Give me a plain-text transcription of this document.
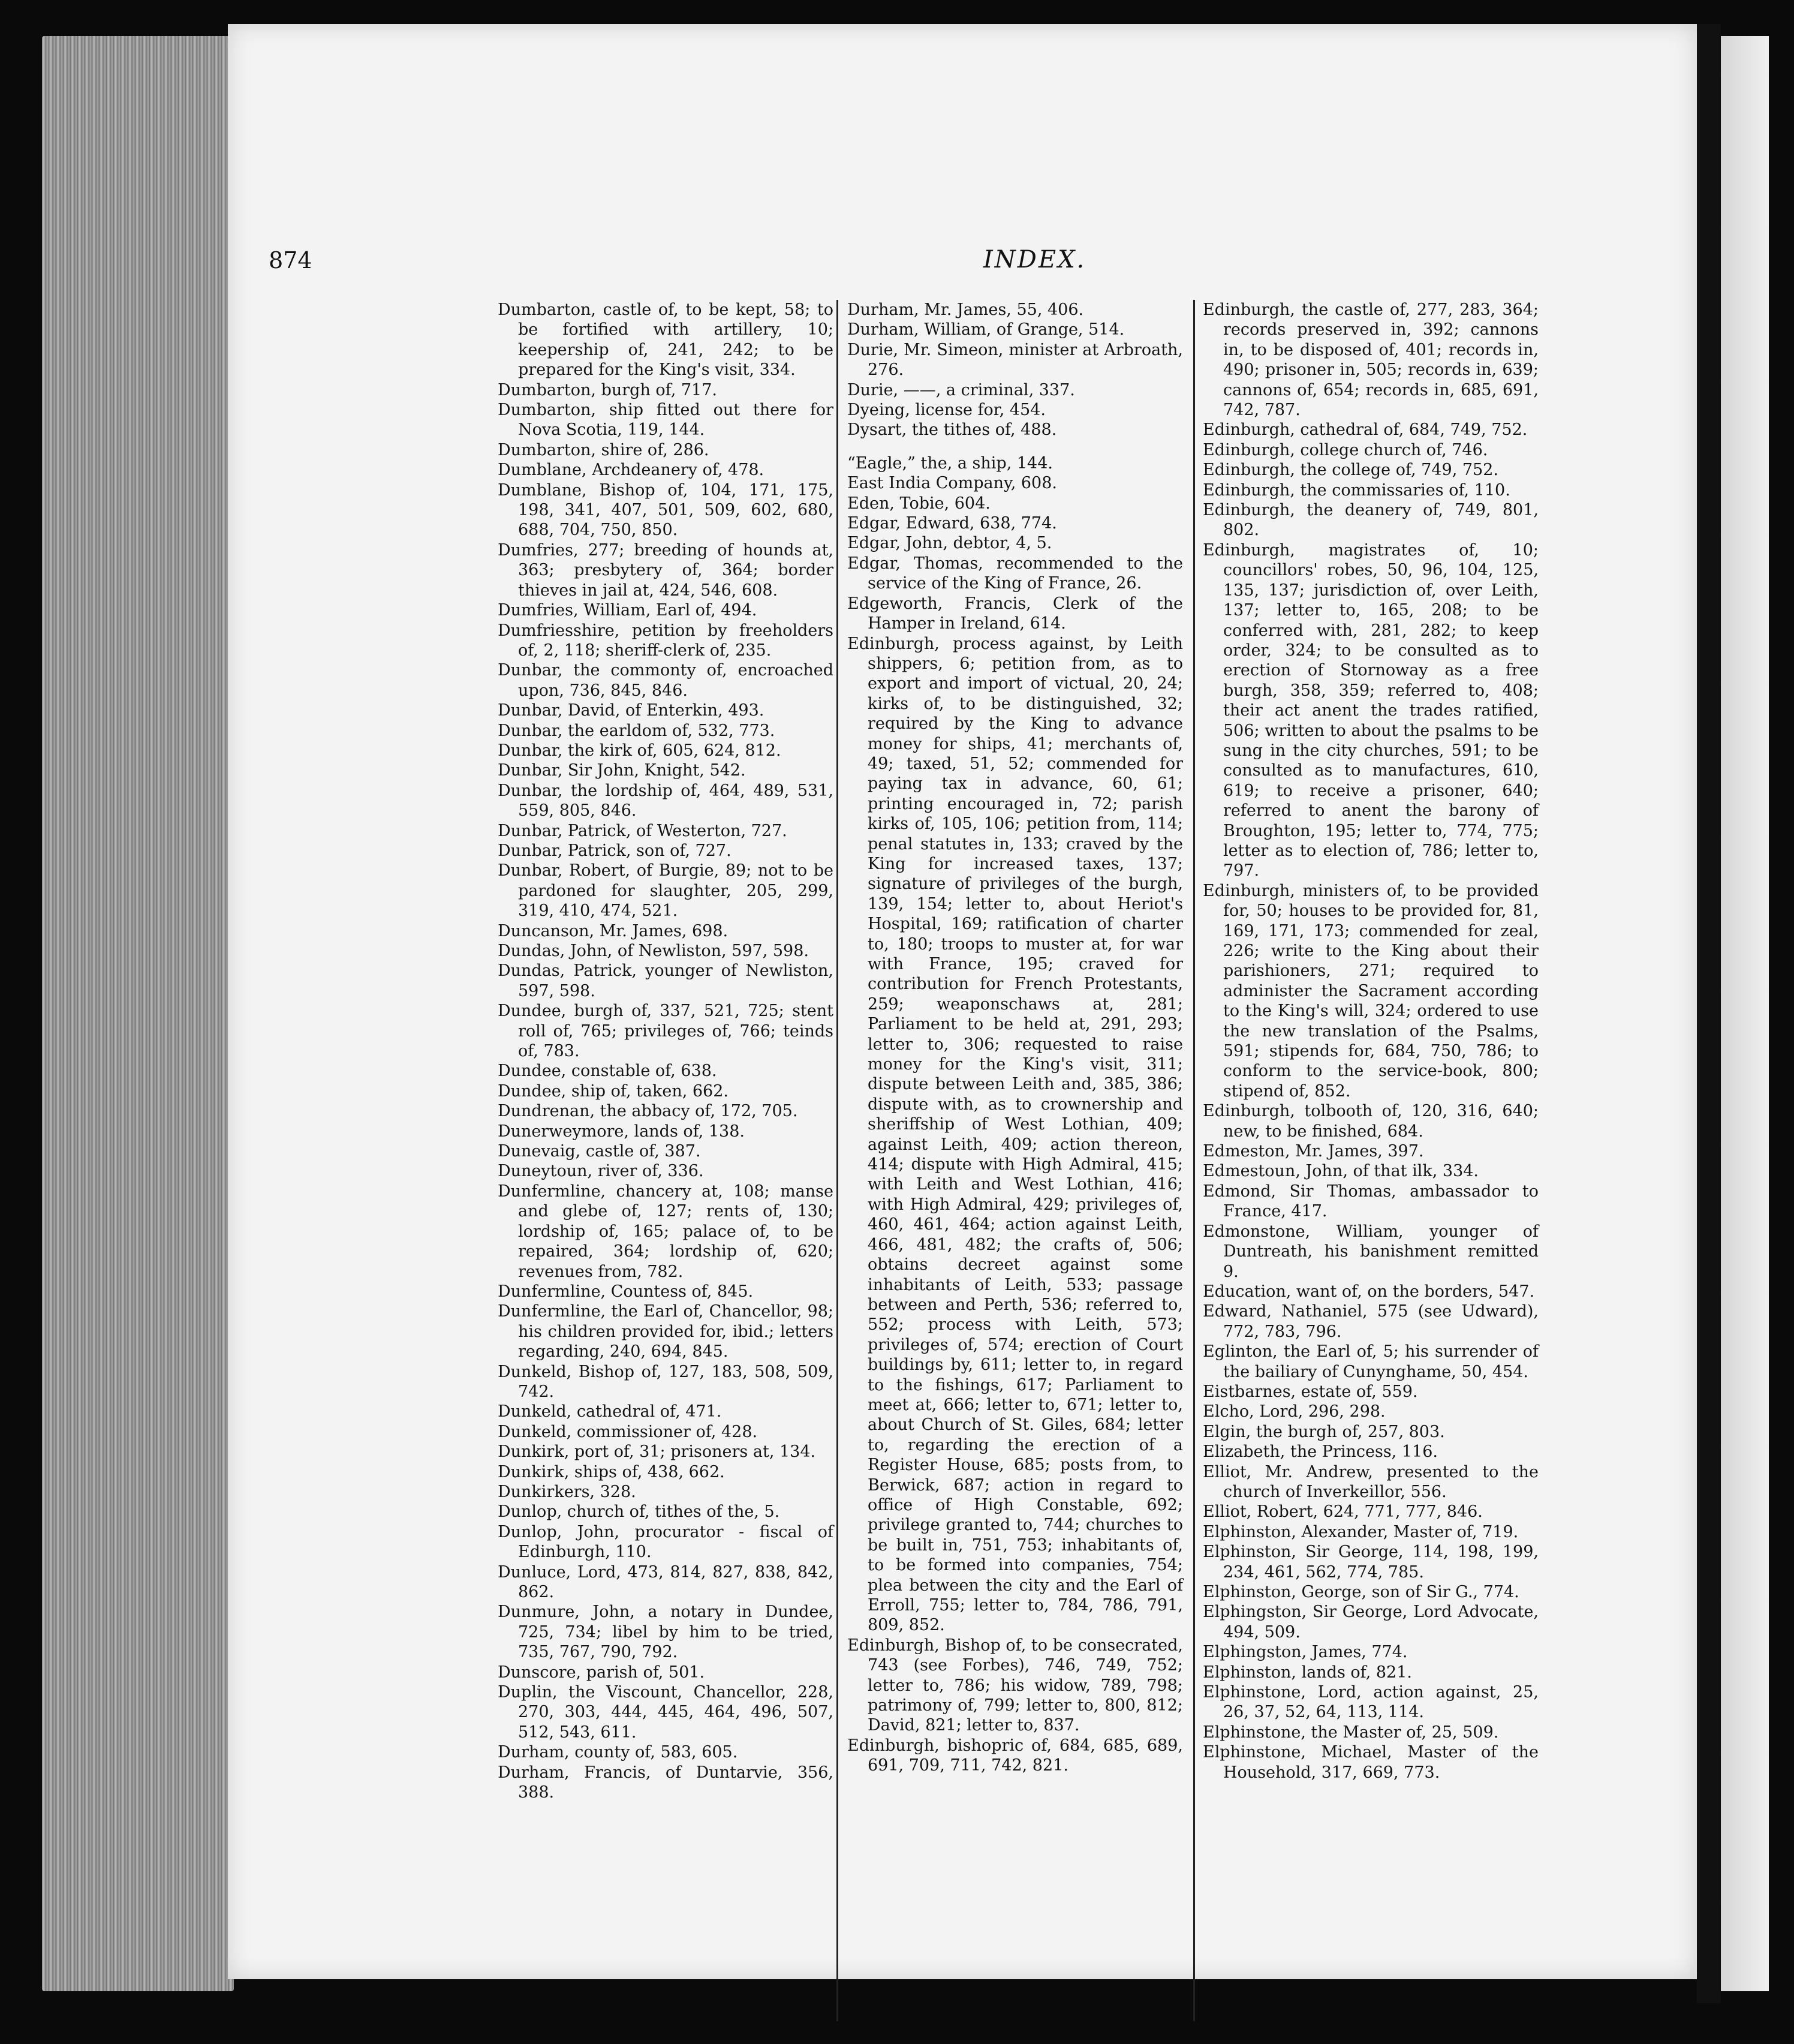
874	INDEX.
Dumbarton, castle of, to be kept, 58; to be fortified with artillery, 10; keepership of, 241, 242; to be prepared for the King's visit, 334.
Dumbarton, burgh of, 717.
Dumbarton, ship fitted out there for Nova Scotia, 119, 144.
Dumbarton, shire of, 286.
Dumblane, Archdeanery of, 478.
Dumblane, Bishop of, 104, 171, 175, 198, 341, 407, 501, 509, 602, 680, 688, 704, 750, 850.
Dumfries, 277; breeding of hounds at, 363; presbytery of, 364; border thieves in jail at, 424, 546, 608.
Dumfries, William, Earl of, 494.
Dumfriesshire, petition by freeholders of, 2, 118; sheriff-clerk of, 235.
Dunbar, the commonty of, encroached upon, 736, 845, 846.
Dunbar, David, of Enterkin, 493.
Dunbar, the earldom of, 532, 773.
Dunbar, the kirk of, 605, 624, 812.
Dunbar, Sir John, Knight, 542.
Dunbar, the lordship of, 464, 489, 531, 559, 805, 846.
Dunbar, Patrick, of Westerton, 727.
Dunbar, Patrick, son of, 727.
Dunbar, Robert, of Burgie, 89; not to be pardoned for slaughter, 205, 299, 319, 410, 474, 521.
Duncanson, Mr. James, 698.
Dundas, John, of Newliston, 597, 598.
Dundas, Patrick, younger of Newliston, 597, 598.
Dundee, burgh of, 337, 521, 725; stent roll of, 765; privileges of, 766; teinds of, 783.
Dundee, constable of, 638.
Dundee, ship of, taken, 662.
Dundrenan, the abbacy of, 172, 705.
Dunerweymore, lands of, 138.
Dunevaig, castle of, 387.
Duneytoun, river of, 336.
Dunfermline, chancery at, 108; manse and glebe of, 127; rents of, 130; lordship of, 165; palace of, to be repaired, 364; lordship of, 620; revenues from, 782.
Dunfermline, Countess of, 845.
Dunfermline, the Earl of, Chancellor, 98; his children provided for, ibid.; letters regarding, 240, 694, 845.
Dunkeld, Bishop of, 127, 183, 508, 509, 742.
Dunkeld, cathedral of, 471.
Dunkeld, commissioner of, 428.
Dunkirk, port of, 31; prisoners at, 134.
Dunkirk, ships of, 438, 662.
Dunkirkers, 328.
Dunlop, church of, tithes of the, 5.
Dunlop, John, procurator - fiscal of Edinburgh, 110.
Dunluce, Lord, 473, 814, 827, 838, 842, 862.
Dunmure, John, a notary in Dundee, 725, 734; libel by him to be tried, 735, 767, 790, 792.
Dunscore, parish of, 501.
Duplin, the Viscount, Chancellor, 228, 270, 303, 444, 445, 464, 496, 507, 512, 543, 611.
Durham, county of, 583, 605.
Durham, Francis, of Duntarvie, 356, 388.
Durham, Mr. James, 55, 406.
Durham, William, of Grange, 514.
Durie, Mr. Simeon, minister at Arbroath, 276.
Durie, ——, a criminal, 337.
Dyeing, license for, 454.
Dysart, the tithes of, 488.
“Eagle,” the, a ship, 144.
East India Company, 608.
Eden, Tobie, 604.
Edgar, Edward, 638, 774.
Edgar, John, debtor, 4, 5.
Edgar, Thomas, recommended to the service of the King of France, 26.
Edgeworth, Francis, Clerk of the Hamper in Ireland, 614.
Edinburgh, process against, by Leith shippers, 6; petition from, as to export and import of victual, 20, 24; kirks of, to be distinguished, 32; required by the King to advance money for ships, 41; merchants of, 49; taxed, 51, 52; commended for paying tax in advance, 60, 61; printing encouraged in, 72; parish kirks of, 105, 106; petition from, 114; penal statutes in, 133; craved by the King for increased taxes, 137; signature of privileges of the burgh, 139, 154; letter to, about Heriot's Hospital, 169; ratification of charter to, 180; troops to muster at, for war with France, 195; craved for contribution for French Protestants, 259; weaponschaws at, 281; Parliament to be held at, 291, 293; letter to, 306; requested to raise money for the King's visit, 311; dispute between Leith and, 385, 386; dispute with, as to crownership and sheriffship of West Lothian, 409; against Leith, 409; action thereon, 414; dispute with High Admiral, 415; with Leith and West Lothian, 416; with High Admiral, 429; privileges of, 460, 461, 464; action against Leith, 466, 481, 482; the crafts of, 506; obtains decreet against some inhabitants of Leith, 533; passage between and Perth, 536; referred to, 552; process with Leith, 573; privileges of, 574; erection of Court buildings by, 611; letter to, in regard to the fishings, 617; Parliament to meet at, 666; letter to, 671; letter to, about Church of St. Giles, 684; letter to, regarding the erection of a Register House, 685; posts from, to Berwick, 687; action in regard to office of High Constable, 692; privilege granted to, 744; churches to be built in, 751, 753; inhabitants of, to be formed into companies, 754; plea between the city and the Earl of Erroll, 755; letter to, 784, 786, 791, 809, 852.
Edinburgh, Bishop of, to be consecrated, 743 (see Forbes), 746, 749, 752; letter to, 786; his widow, 789, 798; patrimony of, 799; letter to, 800, 812; David, 821; letter to, 837.
Edinburgh, bishopric of, 684, 685, 689, 691, 709, 711, 742, 821.
Edinburgh, the castle of, 277, 283, 364; records preserved in, 392; cannons in, to be disposed of, 401; records in, 490; prisoner in, 505; records in, 639; cannons of, 654; records in, 685, 691, 742, 787.
Edinburgh, cathedral of, 684, 749, 752.
Edinburgh, college church of, 746.
Edinburgh, the college of, 749, 752.
Edinburgh, the commissaries of, 110.
Edinburgh, the deanery of, 749, 801, 802.
Edinburgh, magistrates of, 10; councillors' robes, 50, 96, 104, 125, 135, 137; jurisdiction of, over Leith, 137; letter to, 165, 208; to be conferred with, 281, 282; to keep order, 324; to be consulted as to erection of Stornoway as a free burgh, 358, 359; referred to, 408; their act anent the trades ratified, 506; written to about the psalms to be sung in the city churches, 591; to be consulted as to manufactures, 610, 619; to receive a prisoner, 640; referred to anent the barony of Broughton, 195; letter to, 774, 775; letter as to election of, 786; letter to, 797.
Edinburgh, ministers of, to be provided for, 50; houses to be provided for, 81, 169, 171, 173; commended for zeal, 226; write to the King about their parishioners, 271; required to administer the Sacrament according to the King's will, 324; ordered to use the new translation of the Psalms, 591; stipends for, 684, 750, 786; to conform to the service-book, 800; stipend of, 852.
Edinburgh, tolbooth of, 120, 316, 640; new, to be finished, 684.
Edmeston, Mr. James, 397.
Edmestoun, John, of that ilk, 334.
Edmond, Sir Thomas, ambassador to France, 417.
Edmonstone, William, younger of Duntreath, his banishment remitted 9.
Education, want of, on the borders, 547.
Edward, Nathaniel, 575 (see Udward), 772, 783, 796.
Eglinton, the Earl of, 5; his surrender of the bailiary of Cunynghame, 50, 454.
Eistbarnes, estate of, 559.
Elcho, Lord, 296, 298.
Elgin, the burgh of, 257, 803.
Elizabeth, the Princess, 116.
Elliot, Mr. Andrew, presented to the church of Inverkeillor, 556.
Elliot, Robert, 624, 771, 777, 846.
Elphinston, Alexander, Master of, 719.
Elphinston, Sir George, 114, 198, 199, 234, 461, 562, 774, 785.
Elphinston, George, son of Sir G., 774.
Elphingston, Sir George, Lord Advocate, 494, 509.
Elphingston, James, 774.
Elphinston, lands of, 821.
Elphinstone, Lord, action against, 25, 26, 37, 52, 64, 113, 114.
Elphinstone, the Master of, 25, 509.
Elphinstone, Michael, Master of the Household, 317, 669, 773.
